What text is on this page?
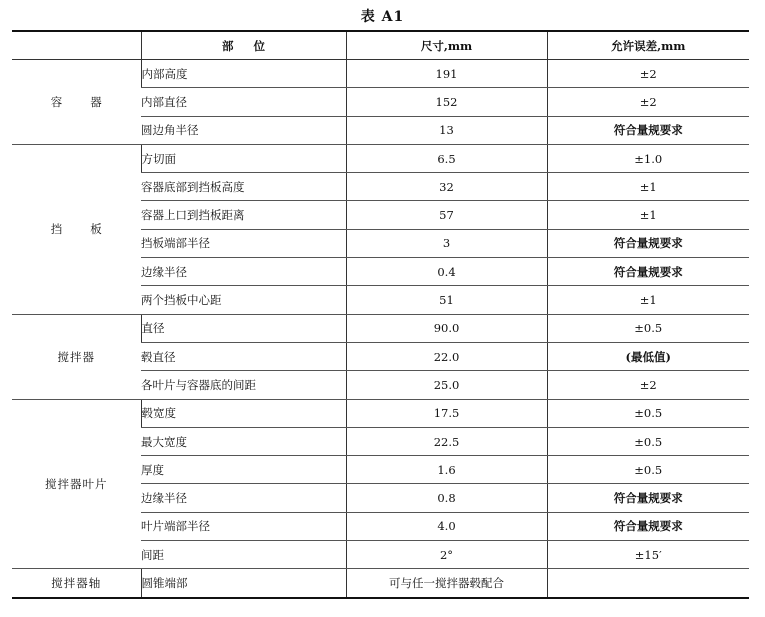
表 A1
	部位	尺寸,mm	允许误差,mm
容器	内部高度	191	±2
	内部直径	152	±2
	圆边角半径	13	符合量规要求
挡板	方切面	6.5	±1.0
	容器底部到挡板高度	32	±1
	容器上口到挡板距离	57	±1
	挡板端部半径	3	符合量规要求
	边缘半径	0.4	符合量规要求
	两个挡板中心距	51	±1
搅拌器	直径	90.0	±0.5
	毂直径	22.0	(最低值)
	各叶片与容器底的间距	25.0	±2
搅拌器叶片	毂宽度	17.5	±0.5
	最大宽度	22.5	±0.5
	厚度	1.6	±0.5
	边缘半径	0.8	符合量规要求
	叶片端部半径	4.0	符合量规要求
	间距	2°	±15′
搅拌器轴	圆锥端部	可与任一搅拌器毂配合	
